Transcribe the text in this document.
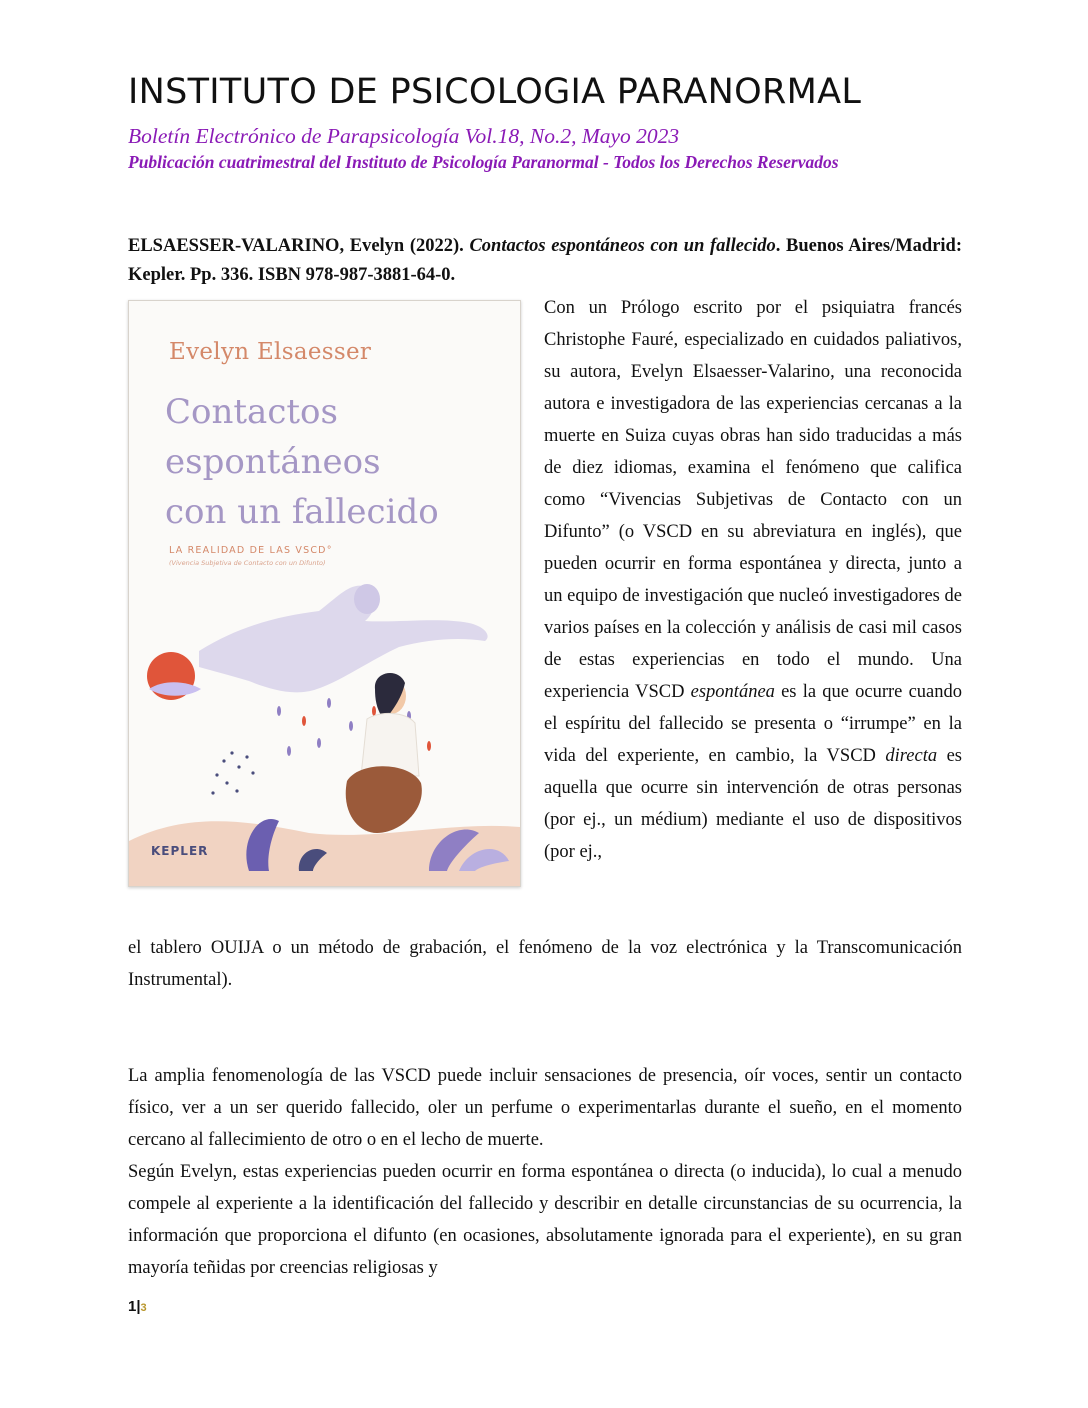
INSTITUTO DE PSICOLOGIA PARANORMAL

Boletín Electrónico de Parapsicología Vol.18, No.2, Mayo 2023

Publicación cuatrimestral del Instituto de Psicología Paranormal - Todos los Derechos Reservados

ELSAESSER-VALARINO, Evelyn (2022). Contactos espontáneos con un fallecido. Buenos Aires/Madrid: Kepler. Pp. 336. ISBN 978-987-3881-64-0.

Evelyn Elsaesser

Contactos
espontáneos
con un fallecido

LA REALIDAD DE LAS VSCD°

(Vivencia Subjetiva de Contacto con un Difunto)

KEPLER

Con un Prólogo escrito por el psiquiatra francés Christophe Fauré, especializado en cuidados paliativos, su autora, Evelyn Elsaesser-Valarino, una reconocida autora e investigadora de las experiencias cercanas a la muerte en Suiza cuyas obras han sido traducidas a más de diez idiomas, examina el fenómeno que califica como “Vivencias Subjetivas de Contacto con un Difunto” (o VSCD en su abreviatura en inglés), que pueden ocurrir en forma espontánea y directa, junto a un equipo de investigación que nucleó investigadores de varios países en la colección y análisis de casi mil casos de estas experiencias en todo el mundo. Una experiencia VSCD espontánea es la que ocurre cuando el espíritu del fallecido se presenta o “irrumpe” en la vida del experiente, en cambio, la VSCD directa es aquella que ocurre sin intervención de otras personas (por ej., un médium) mediante el uso de dispositivos (por ej.,

el tablero OUIJA o un método de grabación, el fenómeno de la voz electrónica y la Transcomunicación Instrumental).

La amplia fenomenología de las VSCD puede incluir sensaciones de presencia, oír voces, sentir un contacto físico, ver a un ser querido fallecido, oler un perfume o experimentarlas durante el sueño, en el momento cercano al fallecimiento de otro o en el lecho de muerte.

Según Evelyn, estas experiencias pueden ocurrir en forma espontánea o directa (o inducida), lo cual a menudo compele al experiente a la identificación del fallecido y describir en detalle circunstancias de su ocurrencia, la información que proporciona el difunto (en ocasiones, absolutamente ignorada para el experiente), en su gran mayoría teñidas por creencias religiosas y

1|3
